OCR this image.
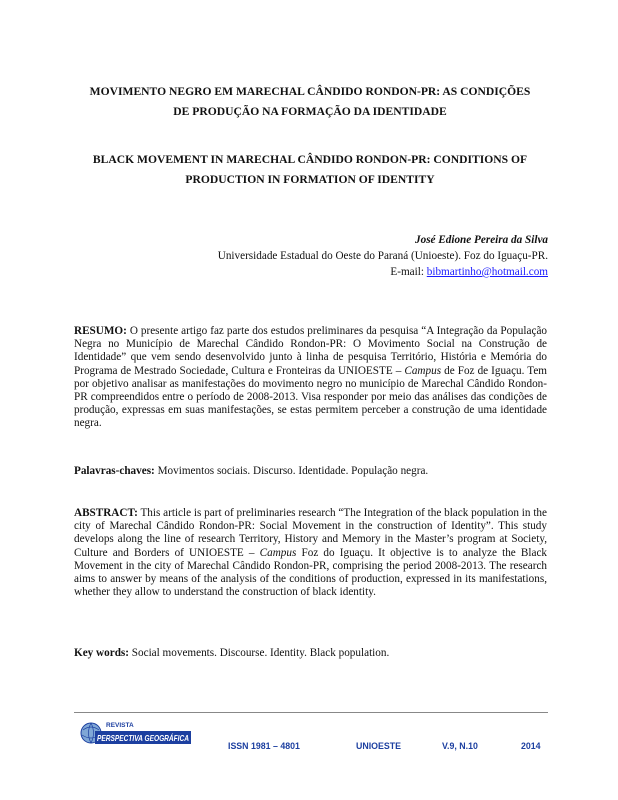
MOVIMENTO NEGRO EM MARECHAL CÂNDIDO RONDON-PR: AS CONDIÇÕES
DE PRODUÇÃO NA FORMAÇÃO DA IDENTIDADE
BLACK MOVEMENT IN MARECHAL CÂNDIDO RONDON-PR: CONDITIONS OF
PRODUCTION IN FORMATION OF IDENTITY
José Edione Pereira da Silva
Universidade Estadual do Oeste do Paraná (Unioeste). Foz do Iguaçu-PR.
E-mail: bibmartinho@hotmail.com
RESUMO: O presente artigo faz parte dos estudos preliminares da pesquisa “A Integração da População Negra no Município de Marechal Cândido Rondon-PR: O Movimento Social na Construção de Identidade” que vem sendo desenvolvido junto à linha de pesquisa Território, História e Memória do Programa de Mestrado Sociedade, Cultura e Fronteiras da UNIOESTE – Campus de Foz de Iguaçu. Tem por objetivo analisar as manifestações do movimento negro no município de Marechal Cândido Rondon-PR compreendidos entre o período de 2008-2013. Visa responder por meio das análises das condições de produção, expressas em suas manifestações, se estas permitem perceber a construção de uma identidade negra.
Palavras-chaves: Movimentos sociais. Discurso. Identidade. População negra.
ABSTRACT: This article is part of preliminaries research “The Integration of the black population in the city of Marechal Cândido Rondon-PR: Social Movement in the construction of Identity”. This study develops along the line of research Territory, History and Memory in the Master’s program at Society, Culture and Borders of UNIOESTE – Campus Foz do Iguaçu. It objective is to analyze the Black Movement in the city of Marechal Cândido Rondon-PR, comprising the period 2008-2013. The research aims to answer by means of the analysis of the conditions of production, expressed in its manifestations, whether they allow to understand the construction of black identity.
Key words: Social movements. Discourse. Identity. Black population.
REVISTA
PERSPECTIVA GEOGRÁFICA
ISSN 1981 – 4801	UNIOESTE	V.9, N.10	2014
